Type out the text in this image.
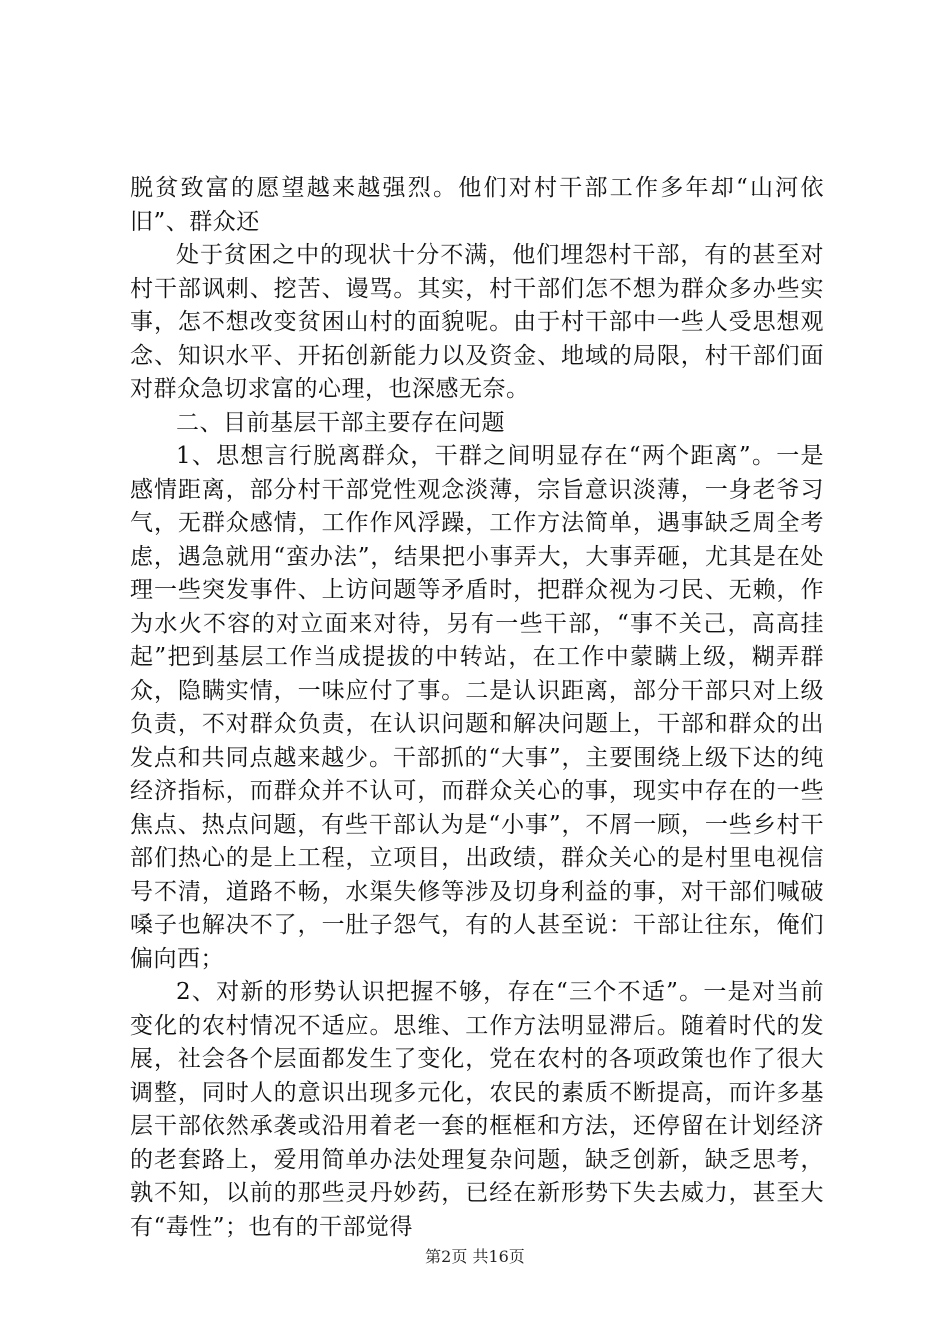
脱贫致富的愿望越来越强烈。他们对村干部工作多年却“山河依旧”、群众还

处于贫困之中的现状十分不满，他们埋怨村干部，有的甚至对村干部讽刺、挖苦、谩骂。其实，村干部们怎不想为群众多办些实事，怎不想改变贫困山村的面貌呢。由于村干部中一些人受思想观念、知识水平、开拓创新能力以及资金、地域的局限，村干部们面对群众急切求富的心理，也深感无奈。

二、目前基层干部主要存在问题

1、思想言行脱离群众，干群之间明显存在“两个距离”。一是感情距离，部分村干部党性观念淡薄，宗旨意识淡薄，一身老爷习气，无群众感情，工作作风浮躁，工作方法简单，遇事缺乏周全考虑，遇急就用“蛮办法”，结果把小事弄大，大事弄砸，尤其是在处理一些突发事件、上访问题等矛盾时，把群众视为刁民、无赖，作为水火不容的对立面来对待，另有一些干部，“事不关己，高高挂起”把到基层工作当成提拔的中转站，在工作中蒙瞒上级，糊弄群众，隐瞒实情，一味应付了事。二是认识距离，部分干部只对上级负责，不对群众负责，在认识问题和解决问题上，干部和群众的出发点和共同点越来越少。干部抓的“大事”，主要围绕上级下达的纯经济指标，而群众并不认可，而群众关心的事，现实中存在的一些焦点、热点问题，有些干部认为是“小事”，不屑一顾，一些乡村干部们热心的是上工程，立项目，出政绩，群众关心的是村里电视信号不清，道路不畅，水渠失修等涉及切身利益的事，对干部们喊破嗓子也解决不了，一肚子怨气，有的人甚至说：干部让往东，俺们偏向西；

2、对新的形势认识把握不够，存在“三个不适”。一是对当前变化的农村情况不适应。思维、工作方法明显滞后。随着时代的发展，社会各个层面都发生了变化，党在农村的各项政策也作了很大调整，同时人的意识出现多元化，农民的素质不断提高，而许多基层干部依然承袭或沿用着老一套的框框和方法，还停留在计划经济的老套路上，爱用简单办法处理复杂问题，缺乏创新，缺乏思考，孰不知，以前的那些灵丹妙药，已经在新形势下失去威力，甚至大有“毒性”；也有的干部觉得

第2页 共16页
